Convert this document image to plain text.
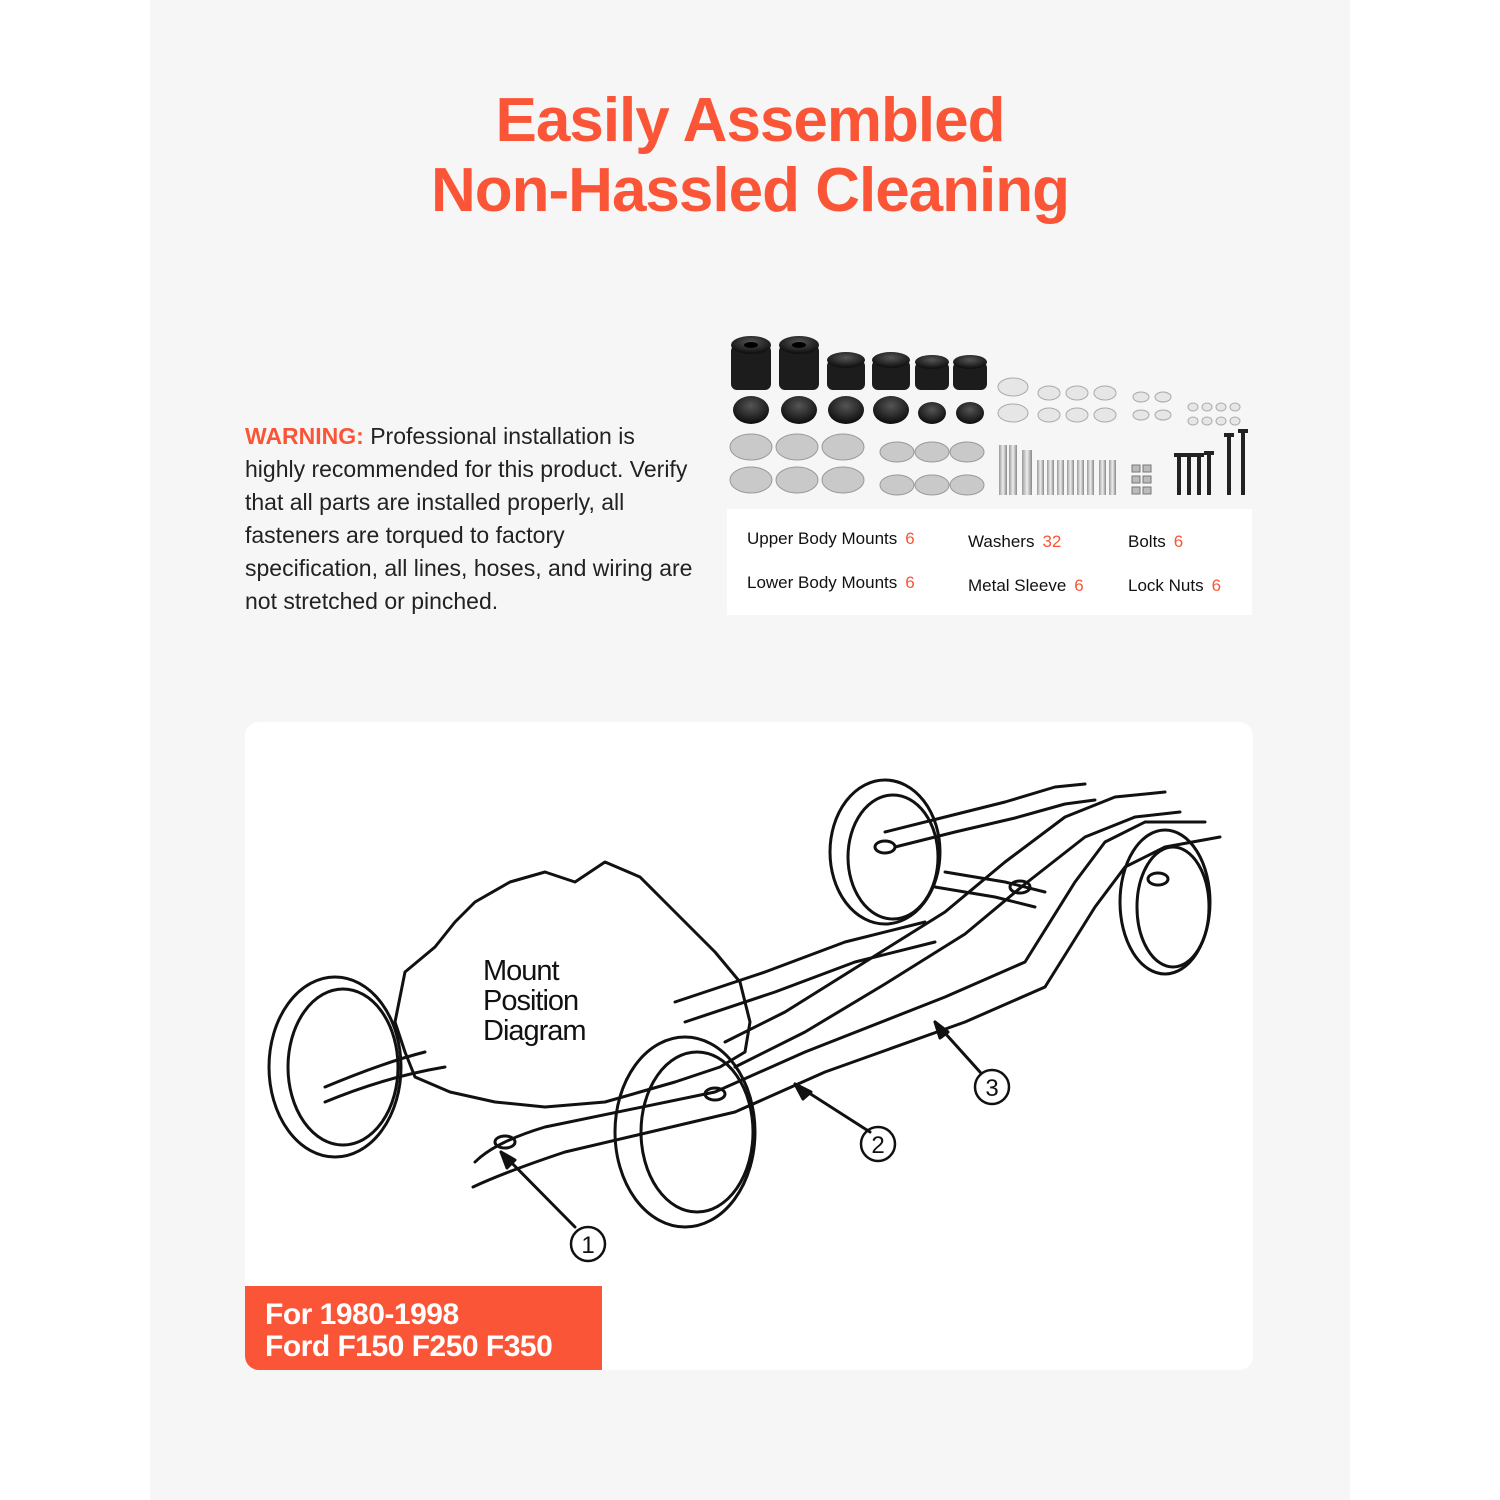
Easily Assembled
Non-Hassled Cleaning
WARNING: Professional installation is highly recommended for this product. Verify that all parts are installed properly, all fasteners are torqued to factory specification, all lines, hoses, and wiring are not stretched or pinched.
Upper Body Mounts 6
Lower Body Mounts 6
Washers 32
Metal Sleeve 6
Bolts 6
Lock Nuts 6
1
2
3
Mount
Position
Diagram
For 1980-1998
Ford F150 F250 F350
